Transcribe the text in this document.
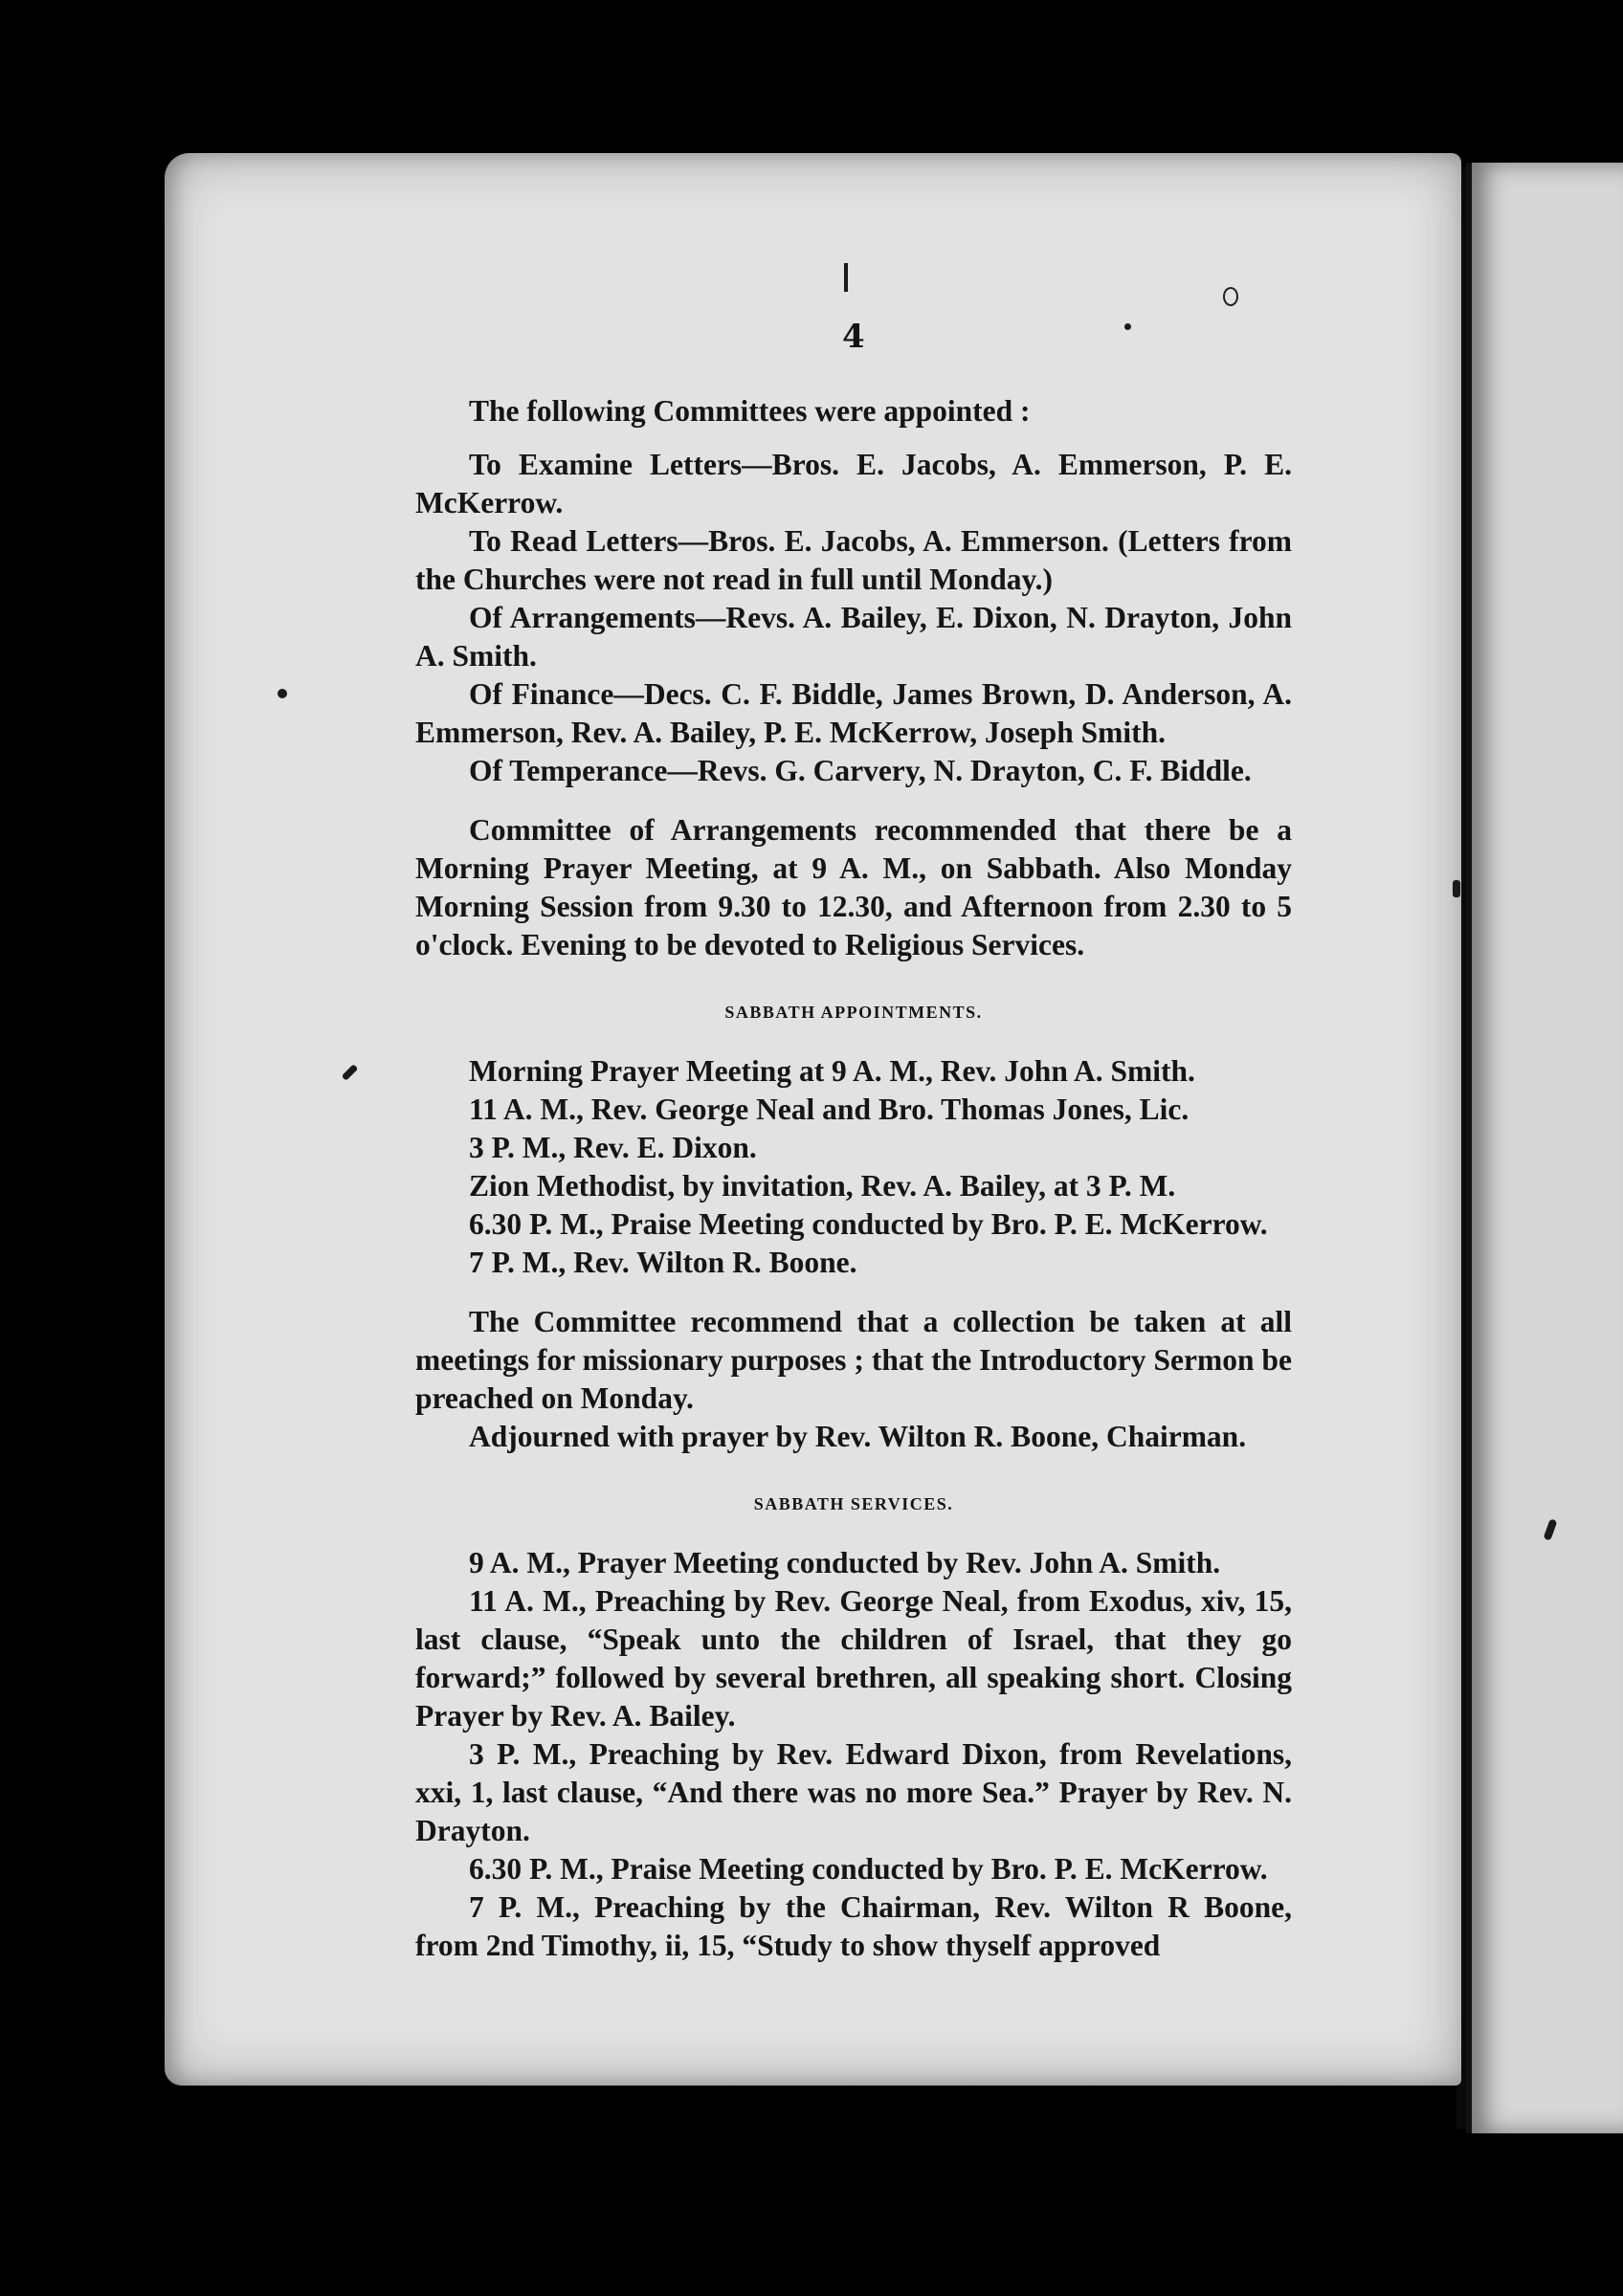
4

The following Committees were appointed :

To Examine Letters—Bros. E. Jacobs, A. Emmerson, P. E. McKerrow.

To Read Letters—Bros. E. Jacobs, A. Emmerson. (Letters from the Churches were not read in full until Monday.)

Of Arrangements—Revs. A. Bailey, E. Dixon, N. Drayton, John A. Smith.

Of Finance—Decs. C. F. Biddle, James Brown, D. Anderson, A. Emmerson, Rev. A. Bailey, P. E. McKerrow, Joseph Smith.

Of Temperance—Revs. G. Carvery, N. Drayton, C. F. Biddle.

Committee of Arrangements recommended that there be a Morning Prayer Meeting, at 9 A. M., on Sabbath. Also Monday Morning Session from 9.30 to 12.30, and Afternoon from 2.30 to 5 o'clock. Evening to be devoted to Religious Services.

SABBATH APPOINTMENTS.

Morning Prayer Meeting at 9 A. M., Rev. John A. Smith.
11 A. M., Rev. George Neal and Bro. Thomas Jones, Lic.
3 P. M., Rev. E. Dixon.
Zion Methodist, by invitation, Rev. A. Bailey, at 3 P. M.
6.30 P. M., Praise Meeting conducted by Bro. P. E. McKerrow.
7 P. M., Rev. Wilton R. Boone.

The Committee recommend that a collection be taken at all meetings for missionary purposes ; that the Introductory Sermon be preached on Monday.

Adjourned with prayer by Rev. Wilton R. Boone, Chairman.

SABBATH SERVICES.

9 A. M., Prayer Meeting conducted by Rev. John A. Smith.

11 A. M., Preaching by Rev. George Neal, from Exodus, xiv, 15, last clause, “Speak unto the children of Israel, that they go forward;” followed by several brethren, all speaking short. Closing Prayer by Rev. A. Bailey.

3 P. M., Preaching by Rev. Edward Dixon, from Revelations, xxi, 1, last clause, “And there was no more Sea.” Prayer by Rev. N. Drayton.

6.30 P. M., Praise Meeting conducted by Bro. P. E. McKerrow.

7 P. M., Preaching by the Chairman, Rev. Wilton R Boone, from 2nd Timothy, ii, 15, “Study to show thyself approved
